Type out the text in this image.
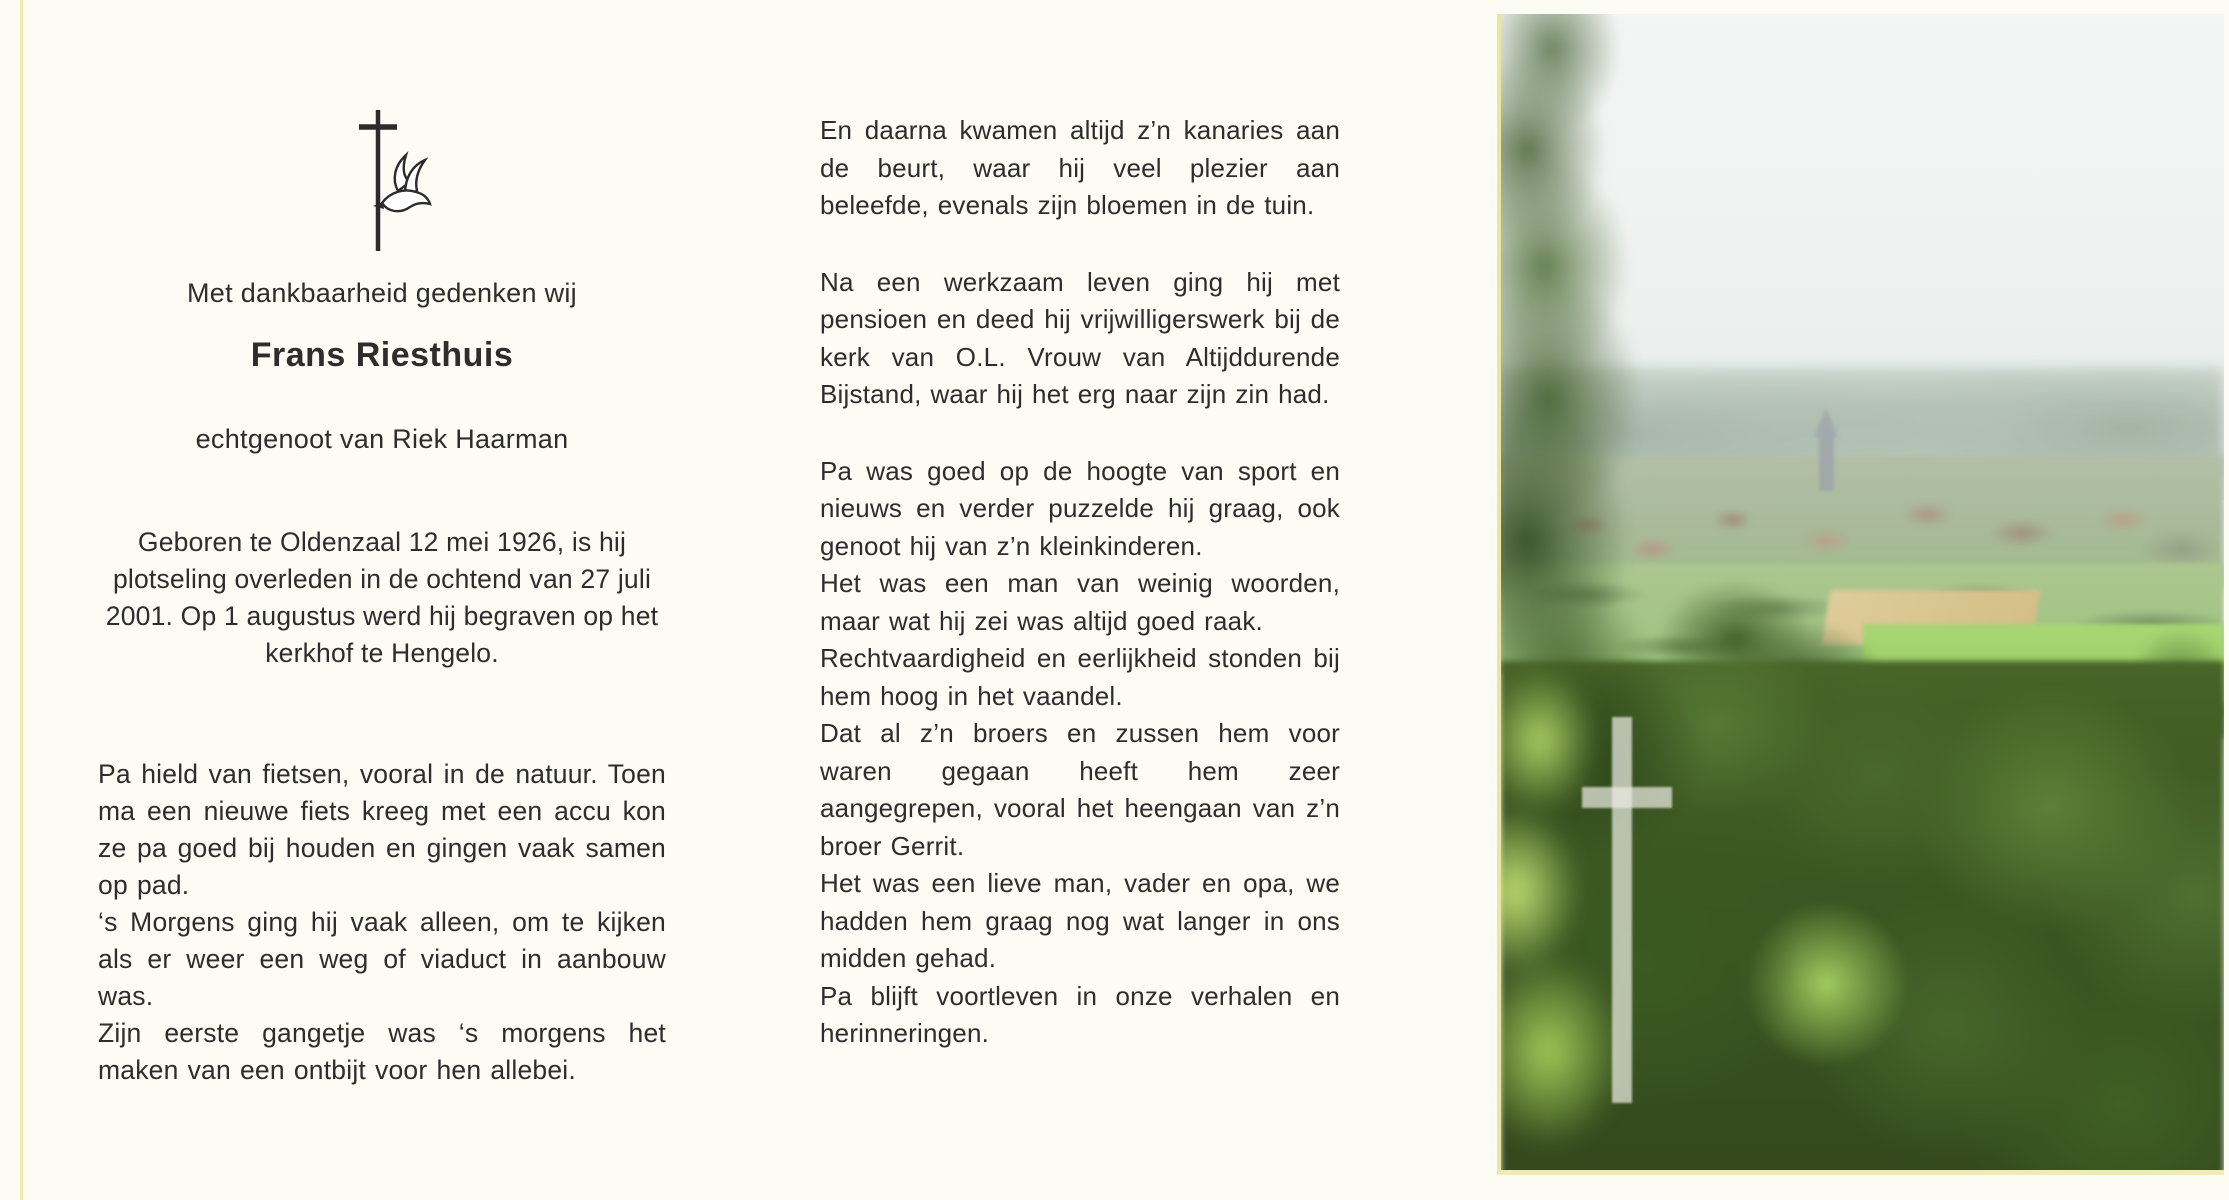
Met dankbaarheid gedenken wij

Frans Riesthuis

echtgenoot van Riek Haarman

Geboren te Oldenzaal 12 mei 1926, is hij plotseling overleden in de ochtend van 27 juli 2001. Op 1 augustus werd hij begraven op het kerkhof te Hengelo.

Pa hield van fietsen, vooral in de natuur. Toen ma een nieuwe fiets kreeg met een accu kon ze pa goed bij houden en gingen vaak samen op pad.

‘s Morgens ging hij vaak alleen, om te kijken als er weer een weg of viaduct in aanbouw was.

Zijn eerste gangetje was ‘s morgens het maken van een ontbijt voor hen allebei.

En daarna kwamen altijd z’n kanaries aan de beurt, waar hij veel plezier aan beleefde, evenals zijn bloemen in de tuin.

Na een werkzaam leven ging hij met pensioen en deed hij vrijwilligerswerk bij de kerk van O.L. Vrouw van Altijddurende Bijstand, waar hij het erg naar zijn zin had.

Pa was goed op de hoogte van sport en nieuws en verder puzzelde hij graag, ook genoot hij van z’n kleinkinderen.

Het was een man van weinig woorden, maar wat hij zei was altijd goed raak.

Rechtvaardigheid en eerlijkheid stonden bij hem hoog in het vaandel.

Dat al z’n broers en zussen hem voor waren gegaan heeft hem zeer aangegrepen, vooral het heengaan van z’n broer Gerrit.

Het was een lieve man, vader en opa, we hadden hem graag nog wat langer in ons midden gehad.

Pa blijft voortleven in onze verhalen en herinneringen.
